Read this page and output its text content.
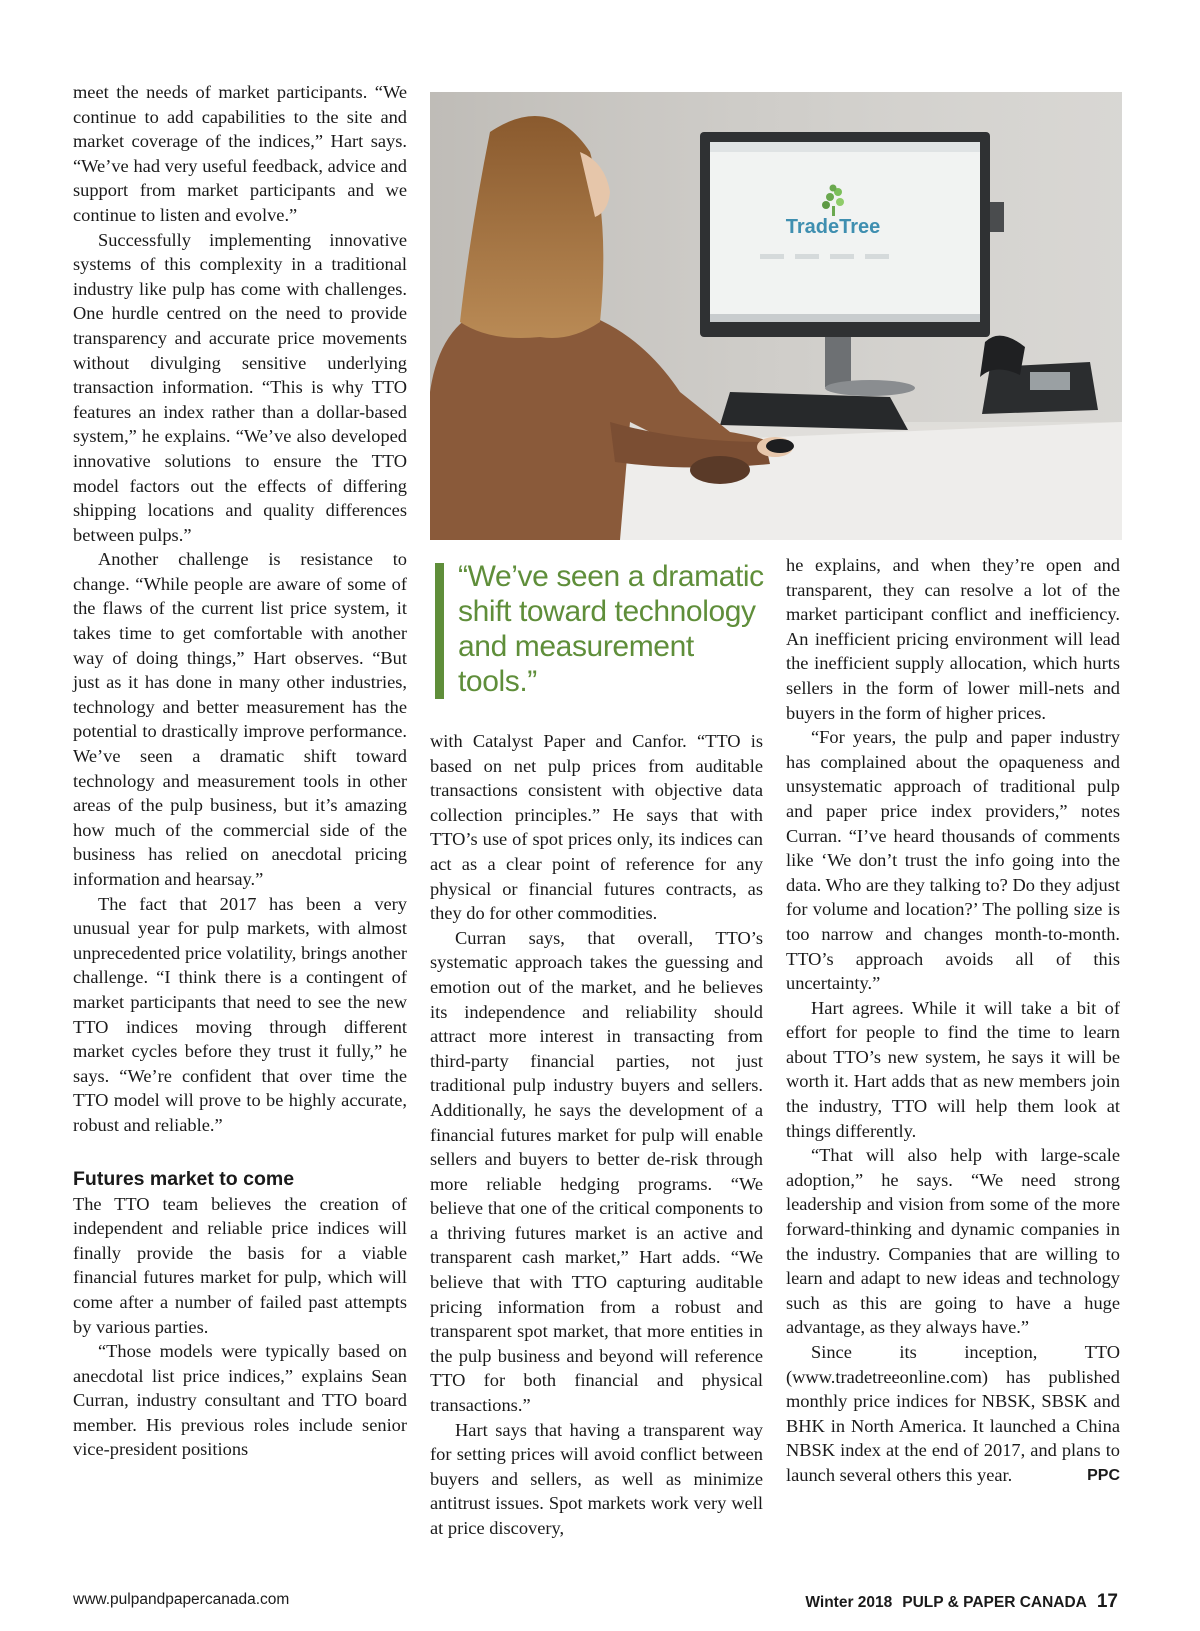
meet the needs of market participants. “We continue to add capabilities to the site and market coverage of the indices,” Hart says. “We’ve had very useful feedback, advice and support from market participants and we continue to listen and evolve.”

Successfully implementing innovative systems of this complexity in a traditional industry like pulp has come with challenges. One hurdle centred on the need to provide transparency and accurate price movements without divulging sensitive underlying transaction information. “This is why TTO features an index rather than a dollar-based system,” he explains. “We’ve also developed innovative solutions to ensure the TTO model factors out the effects of differing shipping locations and quality differences between pulps.”

Another challenge is resistance to change. “While people are aware of some of the flaws of the current list price system, it takes time to get comfortable with another way of doing things,” Hart observes. “But just as it has done in many other industries, technology and better measurement has the potential to drastically improve performance. We’ve seen a dramatic shift toward technology and measurement tools in other areas of the pulp business, but it’s amazing how much of the commercial side of the business has relied on anecdotal pricing information and hearsay.”

The fact that 2017 has been a very unusual year for pulp markets, with almost unprecedented price volatility, brings another challenge. “I think there is a contingent of market participants that need to see the new TTO indices moving through different market cycles before they trust it fully,” he says. “We’re confident that over time the TTO model will prove to be highly accurate, robust and reliable.”

Futures market to come

The TTO team believes the creation of independent and reliable price indices will finally provide the basis for a viable financial futures market for pulp, which will come after a number of failed past attempts by various parties.

“Those models were typically based on anecdotal list price indices,” explains Sean Curran, industry consultant and TTO board member. His previous roles include senior vice-president positions

TradeTree

“We’ve seen a dramatic shift toward technology and measurement tools.”

with Catalyst Paper and Canfor. “TTO is based on net pulp prices from auditable transactions consistent with objective data collection principles.” He says that with TTO’s use of spot prices only, its indices can act as a clear point of reference for any physical or financial futures contracts, as they do for other commodities.

Curran says, that overall, TTO’s systematic approach takes the guessing and emotion out of the market, and he believes its independence and reliability should attract more interest in transacting from third-party financial parties, not just traditional pulp industry buyers and sellers. Additionally, he says the development of a financial futures market for pulp will enable sellers and buyers to better de-risk through more reliable hedging programs. “We believe that one of the critical components to a thriving futures market is an active and transparent cash market,” Hart adds. “We believe that with TTO capturing auditable pricing information from a robust and transparent spot market, that more entities in the pulp business and beyond will reference TTO for both financial and physical transactions.”

Hart says that having a transparent way for setting prices will avoid conflict between buyers and sellers, as well as minimize antitrust issues. Spot markets work very well at price discovery,

he explains, and when they’re open and transparent, they can resolve a lot of the market participant conflict and inefficiency. An inefficient pricing environment will lead the inefficient supply allocation, which hurts sellers in the form of lower mill-nets and buyers in the form of higher prices.

“For years, the pulp and paper industry has complained about the opaqueness and unsystematic approach of traditional pulp and paper price index providers,” notes Curran. “I’ve heard thousands of comments like ‘We don’t trust the info going into the data. Who are they talking to? Do they adjust for volume and location?’ The polling size is too narrow and changes month-to-month. TTO’s approach avoids all of this uncertainty.”

Hart agrees. While it will take a bit of effort for people to find the time to learn about TTO’s new system, he says it will be worth it. Hart adds that as new members join the industry, TTO will help them look at things differently.

“That will also help with large-scale adoption,” he says. “We need strong leadership and vision from some of the more forward-thinking and dynamic companies in the industry. Companies that are willing to learn and adapt to new ideas and technology such as this are going to have a huge advantage, as they always have.”

Since its inception, TTO (www.tradetreeonline.com) has published monthly price indices for NBSK, SBSK and BHK in North America. It launched a China NBSK index at the end of 2017, and plans to launch several others this year.	PPC

www.pulpandpapercanada.com	Winter 2018 PULP & PAPER CANADA 17
